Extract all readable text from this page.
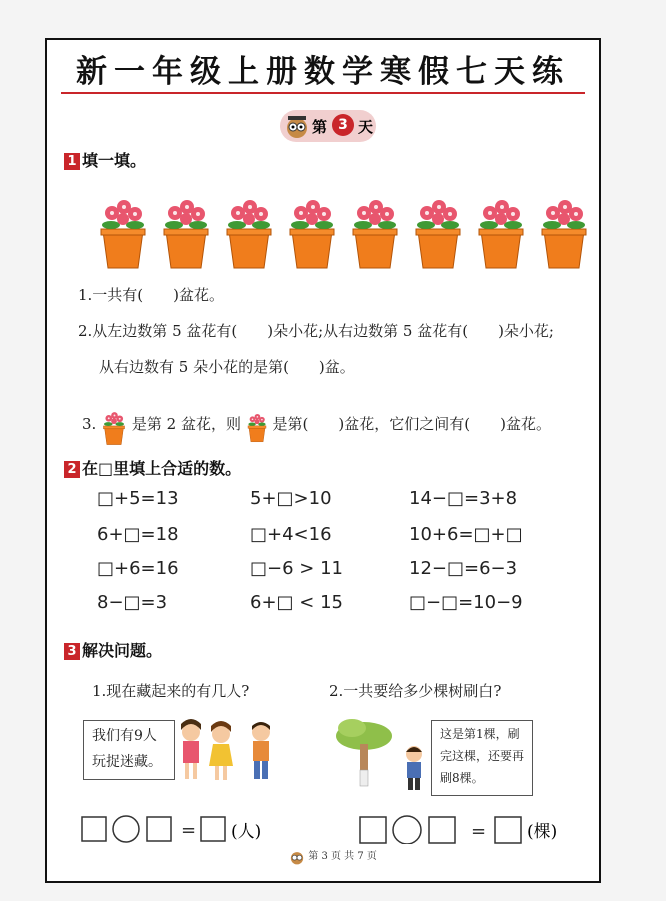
新一年级上册数学寒假七天练
第 3 天
1 填一填。
1.一共有(　　)盆花。
2.从左边数第 5 盆花有(　　)朵小花;从右边数第 5 盆花有(　　)朵小花;
从右边数有 5 朵小花的是第(　　)盆。
3. 是第 2 盆花，则 是第(　　)盆花，它们之间有(　　)盆花。
2 在□里填上合适的数。
□+5=13	5+□>10	14−□=3+8
6+□=18	□+4<16	10+6=□+□
□+6=16	□−6 > 11	12−□=6−3
8−□=3	6+□ < 15	□−□=10−9
3 解决问题。
1.现在藏起来的有几人?	2.一共要给多少棵树刷白?
我们有9人
玩捉迷藏。
这是第1棵，刷
完这棵，还要再
刷8棵。
= (人)	= (棵)
第 3 页 共 7 页
